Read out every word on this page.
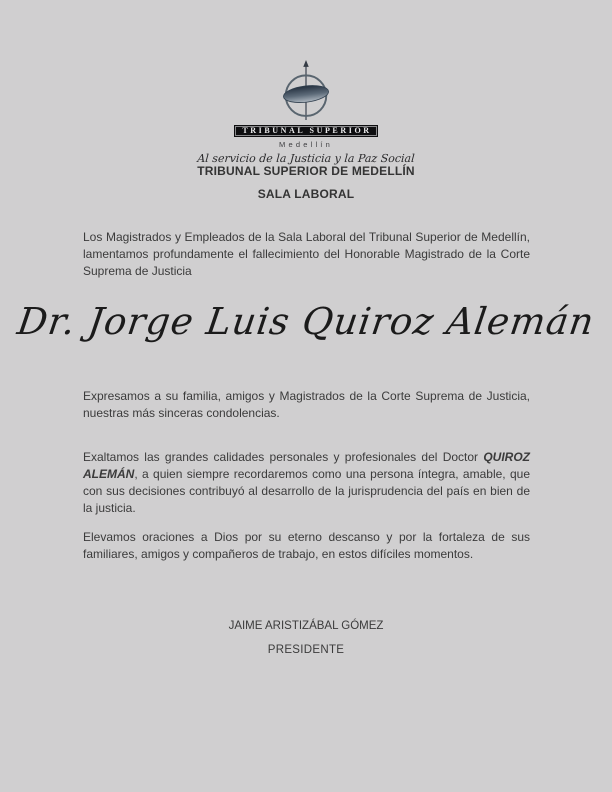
TRIBUNAL SUPERIOR
Medellín
Al servicio de la Justicia y la Paz Social
TRIBUNAL SUPERIOR DE MEDELLÍN
SALA LABORAL
Los Magistrados y Empleados de la Sala Laboral del Tribunal Superior de Medellín, lamentamos profundamente el fallecimiento del Honorable Magistrado de la Corte Suprema de Justicia
Dr. Jorge Luis Quiroz Alemán
Expresamos a su familia, amigos y Magistrados de la Corte Suprema de Justicia, nuestras más sinceras condolencias.
Exaltamos las grandes calidades personales y profesionales del Doctor QUIROZ ALEMÁN, a quien siempre recordaremos como una persona íntegra, amable, que con sus decisiones contribuyó al desarrollo de la jurisprudencia del país en bien de la justicia.
Elevamos oraciones a Dios por su eterno descanso y por la fortaleza de sus familiares, amigos y compañeros de trabajo, en estos difíciles momentos.
JAIME ARISTIZÁBAL GÓMEZ
PRESIDENTE
